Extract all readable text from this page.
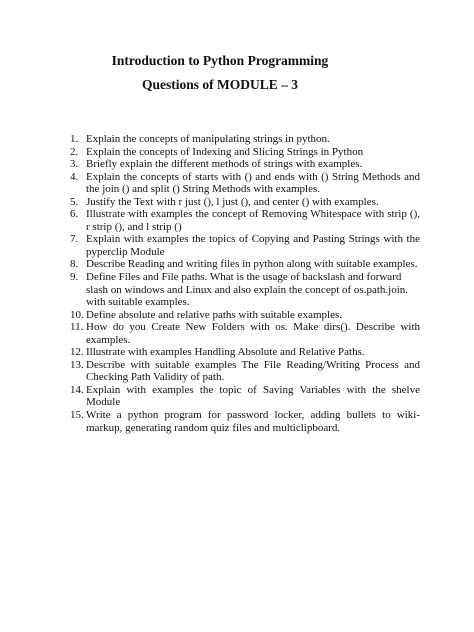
Introduction to Python Programming

Questions of MODULE – 3

1. Explain the concepts of manipulating strings in python.
2. Explain the concepts of Indexing and Slicing Strings in Python
3. Briefly explain the different methods of strings with examples.
4. Explain the concepts of starts with () and ends with () String Methods and the join () and split () String Methods with examples.
5. Justify the Text with r just (), l just (), and center () with examples.
6. Illustrate with examples the concept of Removing Whitespace with strip (), r strip (), and l strip ()
7. Explain with examples the topics of Copying and Pasting Strings with the pyperclip Module
8. Describe Reading and writing files in python along with suitable examples.
9. Define Files and File paths. What is the usage of backslash and forward slash on windows and Linux and also explain the concept of os.path.join. with suitable examples.
10. Define absolute and relative paths with suitable examples.
11. How do you Create New Folders with os. Make dirs(). Describe with examples.
12. Illustrate with examples Handling Absolute and Relative Paths.
13. Describe with suitable examples The File Reading/Writing Process and Checking Path Validity of path.
14. Explain with examples the topic of Saving Variables with the shelve Module
15. Write a python program for password locker, adding bullets to wiki-markup, generating random quiz files and multiclipboard.
